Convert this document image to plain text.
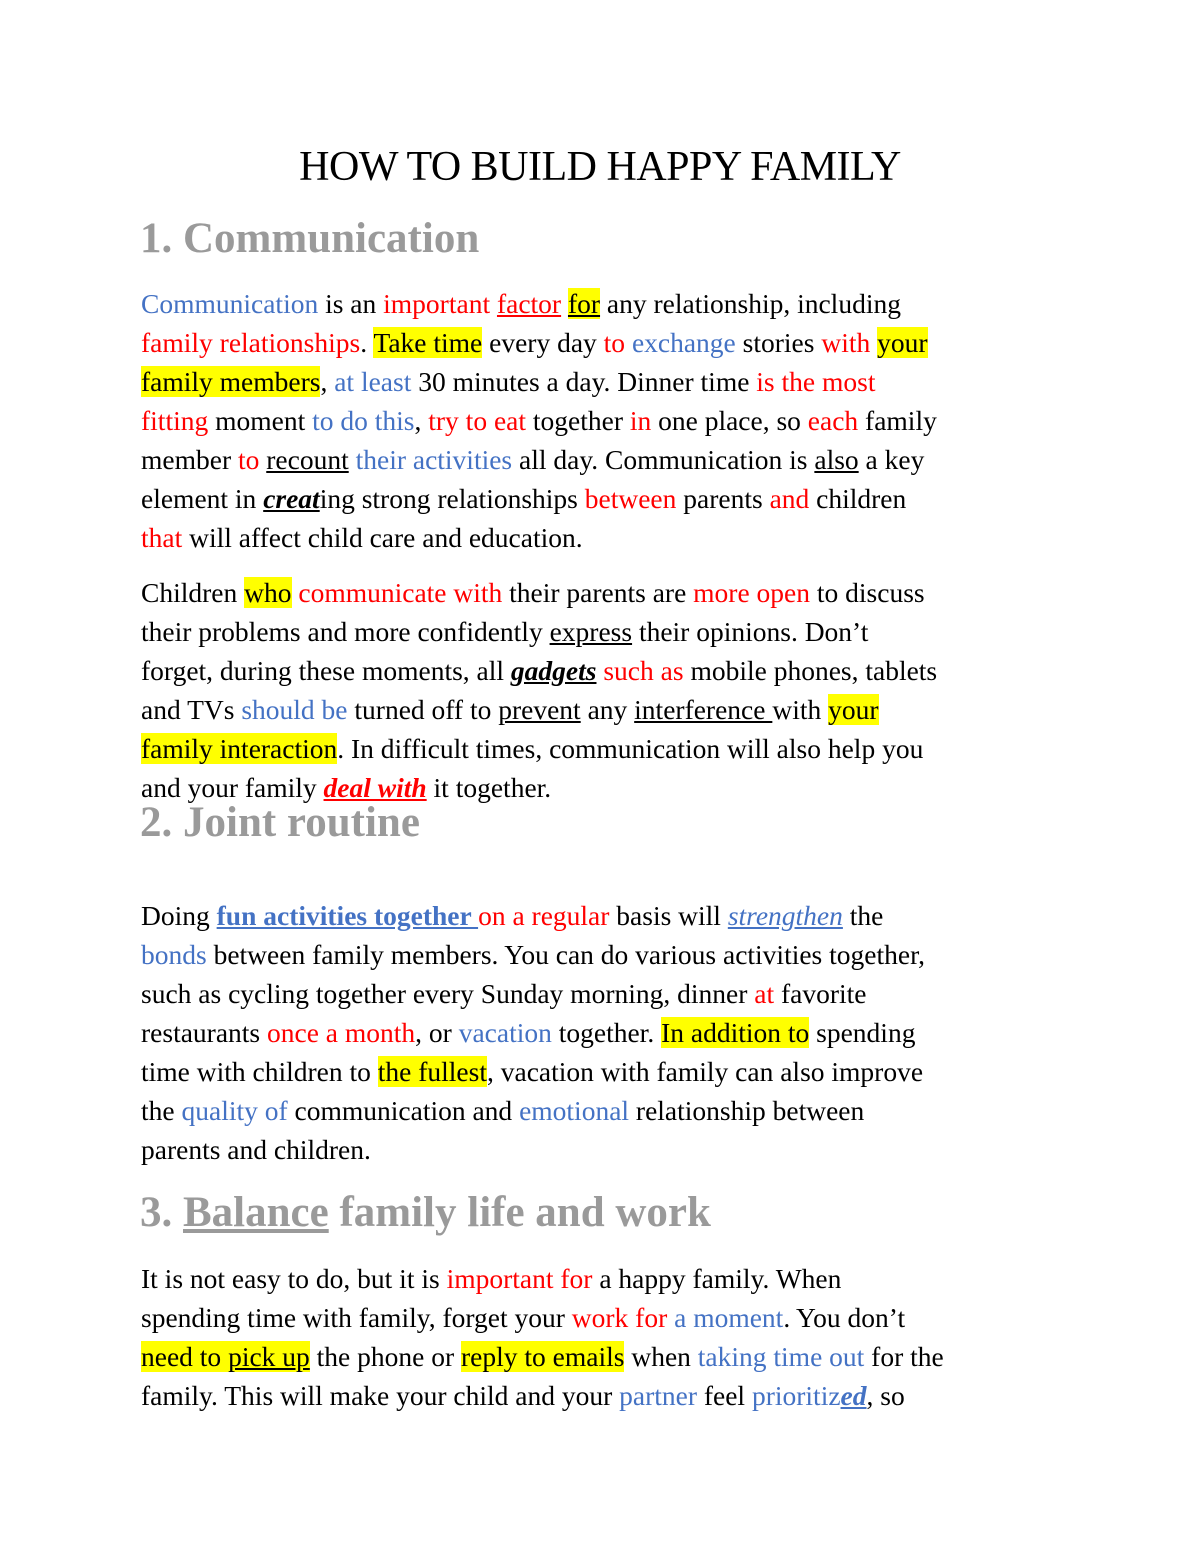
HOW TO BUILD HAPPY FAMILY
1. Communication

Communication is an important factor for any relationship, including
family relationships. Take time every day to exchange stories with your
family members, at least 30 minutes a day. Dinner time is the most
fitting moment to do this, try to eat together in one place, so each family
member to recount their activities all day. Communication is also a key
element in creating strong relationships between parents and children
that will affect child care and education.

Children who communicate with their parents are more open to discuss
their problems and more confidently express their opinions. Don’t
forget, during these moments, all gadgets such as mobile phones, tablets
and TVs should be turned off to prevent any interference with your
family interaction. In difficult times, communication will also help you
and your family deal with it together.

2. Joint routine

Doing fun activities together on a regular basis will strengthen the
bonds between family members. You can do various activities together,
such as cycling together every Sunday morning, dinner at favorite
restaurants once a month, or vacation together. In addition to spending
time with children to the fullest, vacation with family can also improve
the quality of communication and emotional relationship between
parents and children.

3. Balance family life and work

It is not easy to do, but it is important for a happy family. When
spending time with family, forget your work for a moment. You don’t
need to pick up the phone or reply to emails when taking time out for the
family. This will make your child and your partner feel prioritized, so
